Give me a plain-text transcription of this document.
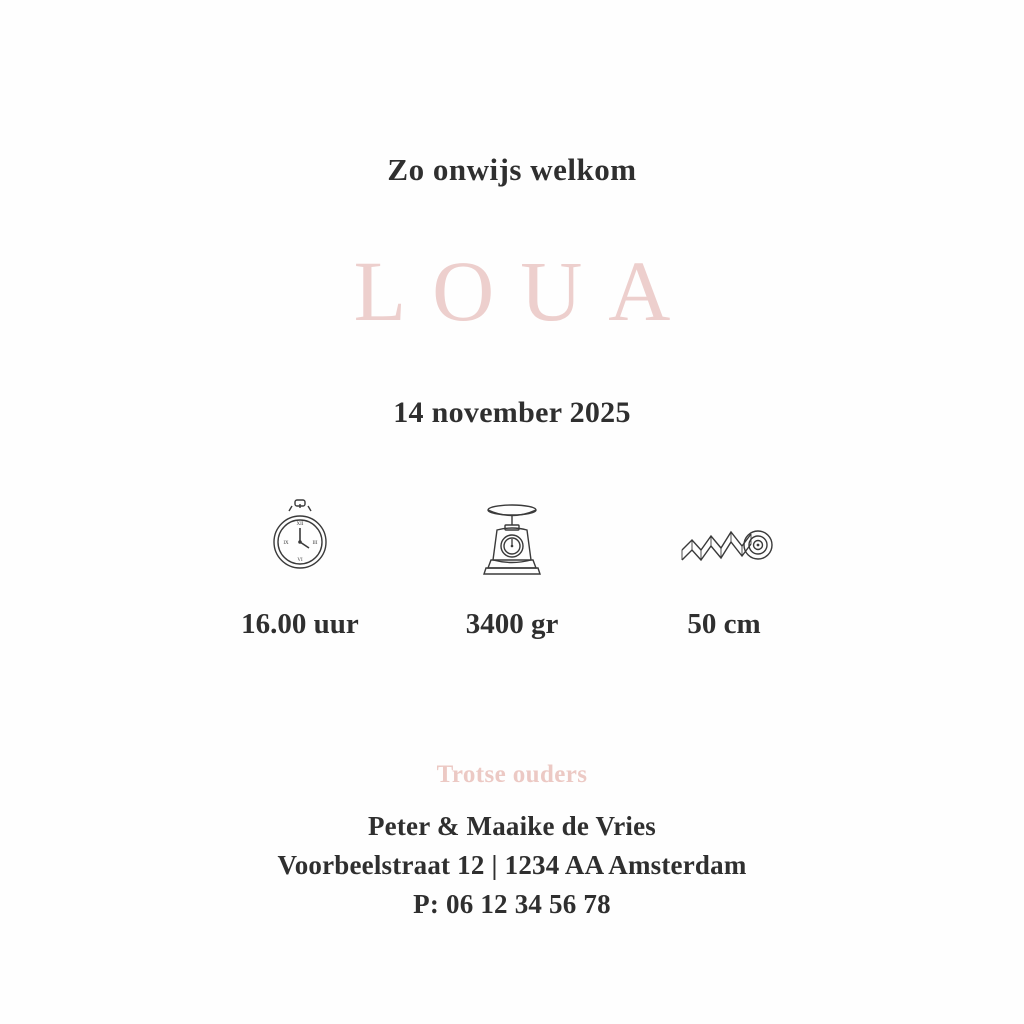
Zo onwijs welkom
LOUA
14 november 2025
XII
III
VI
IX
16.00 uur	3400 gr	50 cm
Trotse ouders
Peter & Maaike de Vries
Voorbeelstraat 12 | 1234 AA Amsterdam
P: 06 12 34 56 78
